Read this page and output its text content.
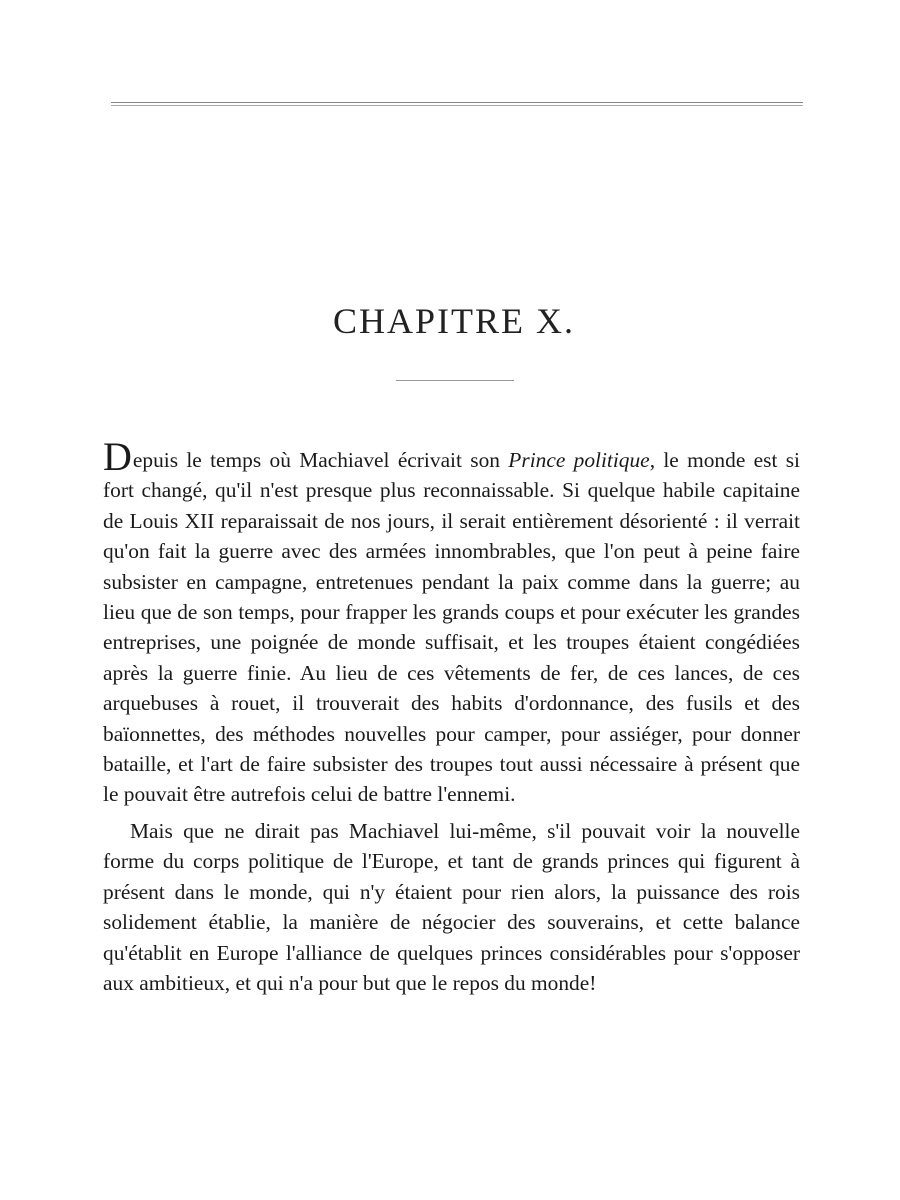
CHAPITRE X.

Depuis le temps où Machiavel écrivait son Prince politique, le monde est si fort changé, qu'il n'est presque plus reconnaissable. Si quelque habile capitaine de Louis XII reparaissait de nos jours, il serait entièrement désorienté : il verrait qu'on fait la guerre avec des armées innombrables, que l'on peut à peine faire subsister en campagne, entretenues pendant la paix comme dans la guerre; au lieu que de son temps, pour frapper les grands coups et pour exécuter les grandes entreprises, une poignée de monde suffisait, et les troupes étaient congédiées après la guerre finie. Au lieu de ces vêtements de fer, de ces lances, de ces arquebuses à rouet, il trouverait des habits d'ordonnance, des fusils et des baïonnettes, des méthodes nouvelles pour camper, pour assiéger, pour donner bataille, et l'art de faire subsister des troupes tout aussi nécessaire à présent que le pouvait être autrefois celui de battre l'ennemi.

Mais que ne dirait pas Machiavel lui-même, s'il pouvait voir la nouvelle forme du corps politique de l'Europe, et tant de grands princes qui figurent à présent dans le monde, qui n'y étaient pour rien alors, la puissance des rois solidement établie, la manière de négocier des souverains, et cette balance qu'établit en Europe l'alliance de quelques princes considérables pour s'opposer aux ambitieux, et qui n'a pour but que le repos du monde!
